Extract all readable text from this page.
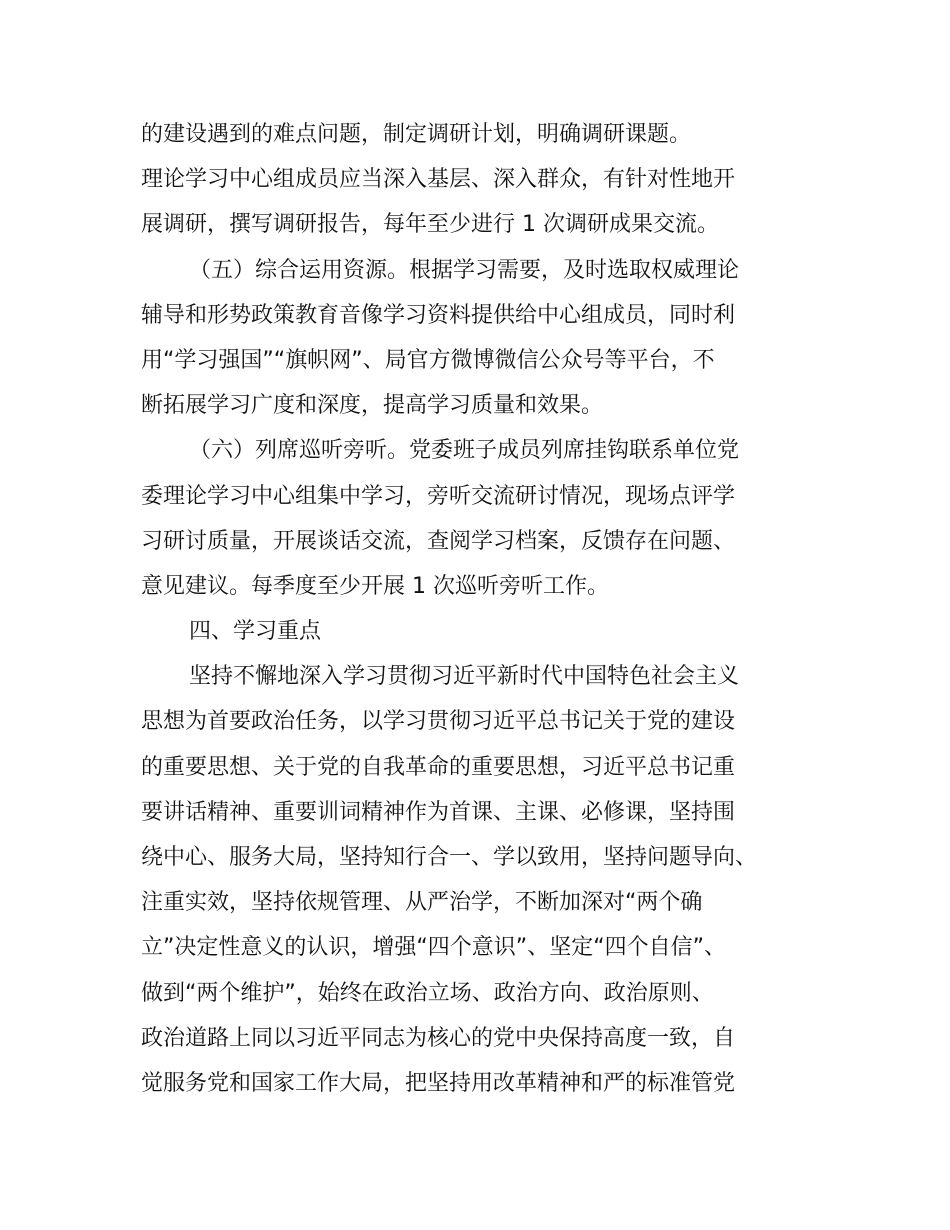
的建设遇到的难点问题，制定调研计划，明确调研课题。
理论学习中心组成员应当深入基层、深入群众，有针对性地开
展调研，撰写调研报告，每年至少进行 1 次调研成果交流。
（五）综合运用资源。根据学习需要，及时选取权威理论
辅导和形势政策教育音像学习资料提供给中心组成员，同时利
用“学习强国”“旗帜网”、局官方微博微信公众号等平台，不
断拓展学习广度和深度，提高学习质量和效果。
（六）列席巡听旁听。党委班子成员列席挂钩联系单位党
委理论学习中心组集中学习，旁听交流研讨情况，现场点评学
习研讨质量，开展谈话交流，查阅学习档案，反馈存在问题、
意见建议。每季度至少开展 1 次巡听旁听工作。
四、学习重点
坚持不懈地深入学习贯彻习近平新时代中国特色社会主义
思想为首要政治任务，以学习贯彻习近平总书记关于党的建设
的重要思想、关于党的自我革命的重要思想，习近平总书记重
要讲话精神、重要训词精神作为首课、主课、必修课，坚持围
绕中心、服务大局，坚持知行合一、学以致用，坚持问题导向、
注重实效，坚持依规管理、从严治学，不断加深对“两个确
立”决定性意义的认识，增强“四个意识”、坚定“四个自信”、
做到“两个维护”，始终在政治立场、政治方向、政治原则、
政治道路上同以习近平同志为核心的党中央保持高度一致，自
觉服务党和国家工作大局，把坚持用改革精神和严的标准管党
